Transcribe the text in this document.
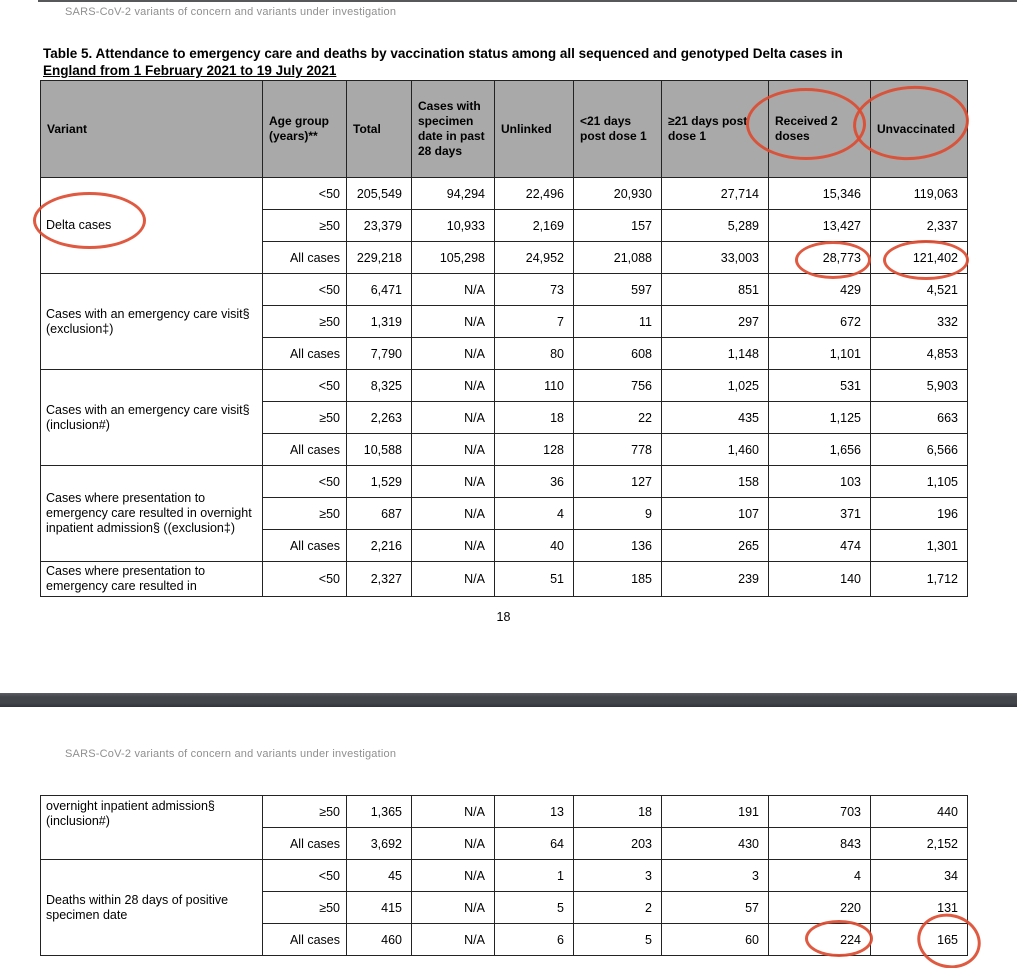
SARS-CoV-2 variants of concern and variants under investigation
Table 5. Attendance to emergency care and deaths by vaccination status among all sequenced and genotyped Delta cases in
England from 1 February 2021 to 19 July 2021
Variant	Age group (years)**	Total	Cases with specimen date in past 28 days	Unlinked	<21 days post dose 1	≥21 days post dose 1	Received 2 doses	Unvaccinated
Delta cases	<50	205,549	94,294	22,496	20,930	27,714	15,346	119,063
	≥50	23,379	10,933	2,169	157	5,289	13,427	2,337
	All cases	229,218	105,298	24,952	21,088	33,003	28,773	121,402
Cases with an emergency care visit§ (exclusion‡)	<50	6,471	N/A	73	597	851	429	4,521
	≥50	1,319	N/A	7	11	297	672	332
	All cases	7,790	N/A	80	608	1,148	1,101	4,853
Cases with an emergency care visit§ (inclusion#)	<50	8,325	N/A	110	756	1,025	531	5,903
	≥50	2,263	N/A	18	22	435	1,125	663
	All cases	10,588	N/A	128	778	1,460	1,656	6,566
Cases where presentation to emergency care resulted in overnight inpatient admission§ ((exclusion‡)	<50	1,529	N/A	36	127	158	103	1,105
	≥50	687	N/A	4	9	107	371	196
	All cases	2,216	N/A	40	136	265	474	1,301
Cases where presentation to emergency care resulted in	<50	2,327	N/A	51	185	239	140	1,712
18
SARS-CoV-2 variants of concern and variants under investigation
overnight inpatient admission§ (inclusion#)	≥50	1,365	N/A	13	18	191	703	440
	All cases	3,692	N/A	64	203	430	843	2,152
Deaths within 28 days of positive specimen date	<50	45	N/A	1	3	3	4	34
	≥50	415	N/A	5	2	57	220	131
	All cases	460	N/A	6	5	60	224	165
